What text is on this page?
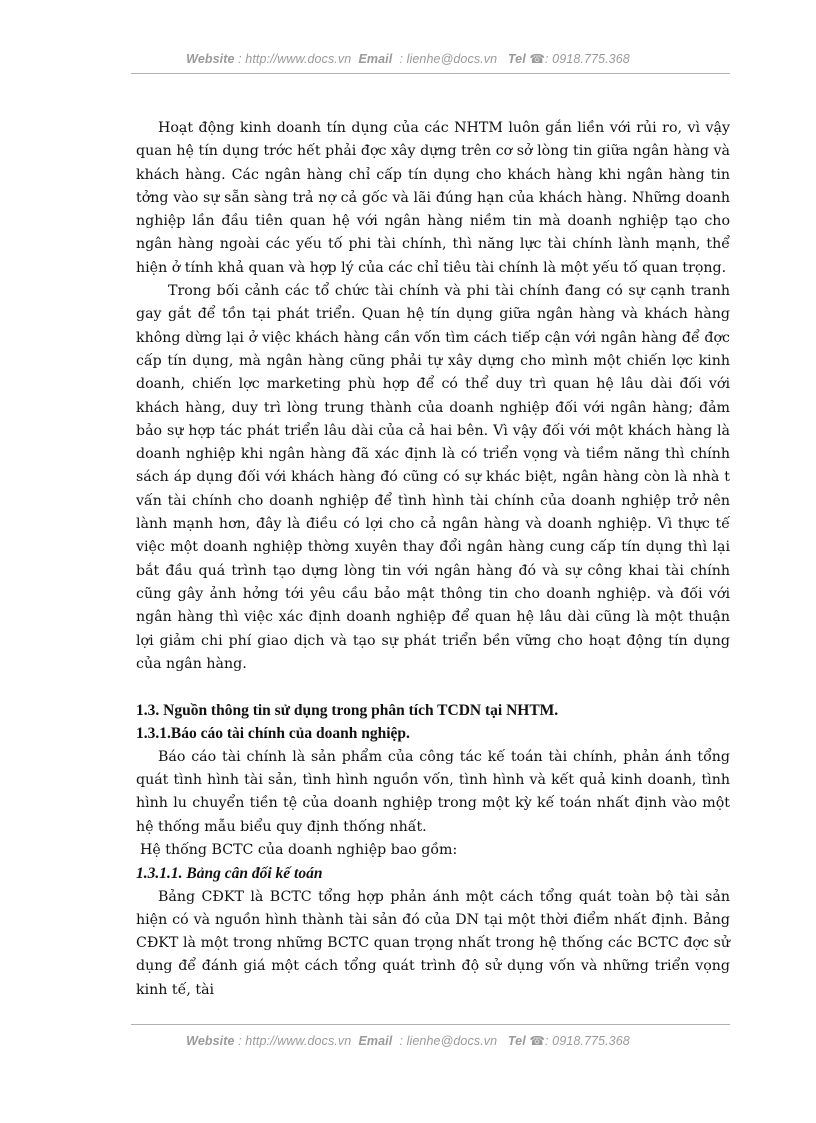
Website : http://www.docs.vn Email : lienhe@docs.vn Tel ☎: 0918.775.368

Hoạt động kinh doanh tín dụng của các NHTM luôn gắn liền với rủi ro, vì vậy quan hệ tín dụng trớc hết phải đợc xây dựng trên cơ sở lòng tin giữa ngân hàng và khách hàng. Các ngân hàng chỉ cấp tín dụng cho khách hàng khi ngân hàng tin tởng vào sự sẵn sàng trả nợ cả gốc và lãi đúng hạn của khách hàng. Những doanh nghiệp lần đầu tiên quan hệ với ngân hàng niềm tin mà doanh nghiệp tạo cho ngân hàng ngoài các yếu tố phi tài chính, thì năng lực tài chính lành mạnh, thể hiện ở tính khả quan và hợp lý của các chỉ tiêu tài chính là một yếu tố quan trọng.

Trong bối cảnh các tổ chức tài chính và phi tài chính đang có sự cạnh tranh gay gắt để tồn tại phát triển. Quan hệ tín dụng giữa ngân hàng và khách hàng không dừng lại ở việc khách hàng cần vốn tìm cách tiếp cận với ngân hàng để đợc cấp tín dụng, mà ngân hàng cũng phải tự xây dựng cho mình một chiến lợc kinh doanh, chiến lợc marketing phù hợp để có thể duy trì quan hệ lâu dài đối với khách hàng, duy trì lòng trung thành của doanh nghiệp đối với ngân hàng; đảm bảo sự hợp tác phát triển lâu dài của cả hai bên. Vì vậy đối với một khách hàng là doanh nghiệp khi ngân hàng đã xác định là có triển vọng và tiềm năng thì chính sách áp dụng đối với khách hàng đó cũng có sự khác biệt, ngân hàng còn là nhà t vấn tài chính cho doanh nghiệp để tình hình tài chính của doanh nghiệp trở nên lành mạnh hơn, đây là điều có lợi cho cả ngân hàng và doanh nghiệp. Vì thực tế việc một doanh nghiệp thờng xuyên thay đổi ngân hàng cung cấp tín dụng thì lại bắt đầu quá trình tạo dựng lòng tin với ngân hàng đó và sự công khai tài chính cũng gây ảnh hởng tới yêu cầu bảo mật thông tin cho doanh nghiệp. và đối với ngân hàng thì việc xác định doanh nghiệp để quan hệ lâu dài cũng là một thuận lợi giảm chi phí giao dịch và tạo sự phát triển bền vững cho hoạt động tín dụng của ngân hàng.

1.3. Nguồn thông tin sử dụng trong phân tích TCDN tại NHTM.

1.3.1.Báo cáo tài chính của doanh nghiệp.

Báo cáo tài chính là sản phẩm của công tác kế toán tài chính, phản ánh tổng quát tình hình tài sản, tình hình nguồn vốn, tình hình và kết quả kinh doanh, tình hình lu chuyển tiền tệ của doanh nghiệp trong một kỳ kế toán nhất định vào một hệ thống mẫu biểu quy định thống nhất.

Hệ thống BCTC của doanh nghiệp bao gồm:

1.3.1.1. Bảng cân đối kế toán

Bảng CĐKT là BCTC tổng hợp phản ánh một cách tổng quát toàn bộ tài sản hiện có và nguồn hình thành tài sản đó của DN tại một thời điểm nhất định. Bảng CĐKT là một trong những BCTC quan trọng nhất trong hệ thống các BCTC đợc sử dụng để đánh giá một cách tổng quát trình độ sử dụng vốn và những triển vọng kinh tế, tài

Website : http://www.docs.vn Email : lienhe@docs.vn Tel ☎: 0918.775.368
